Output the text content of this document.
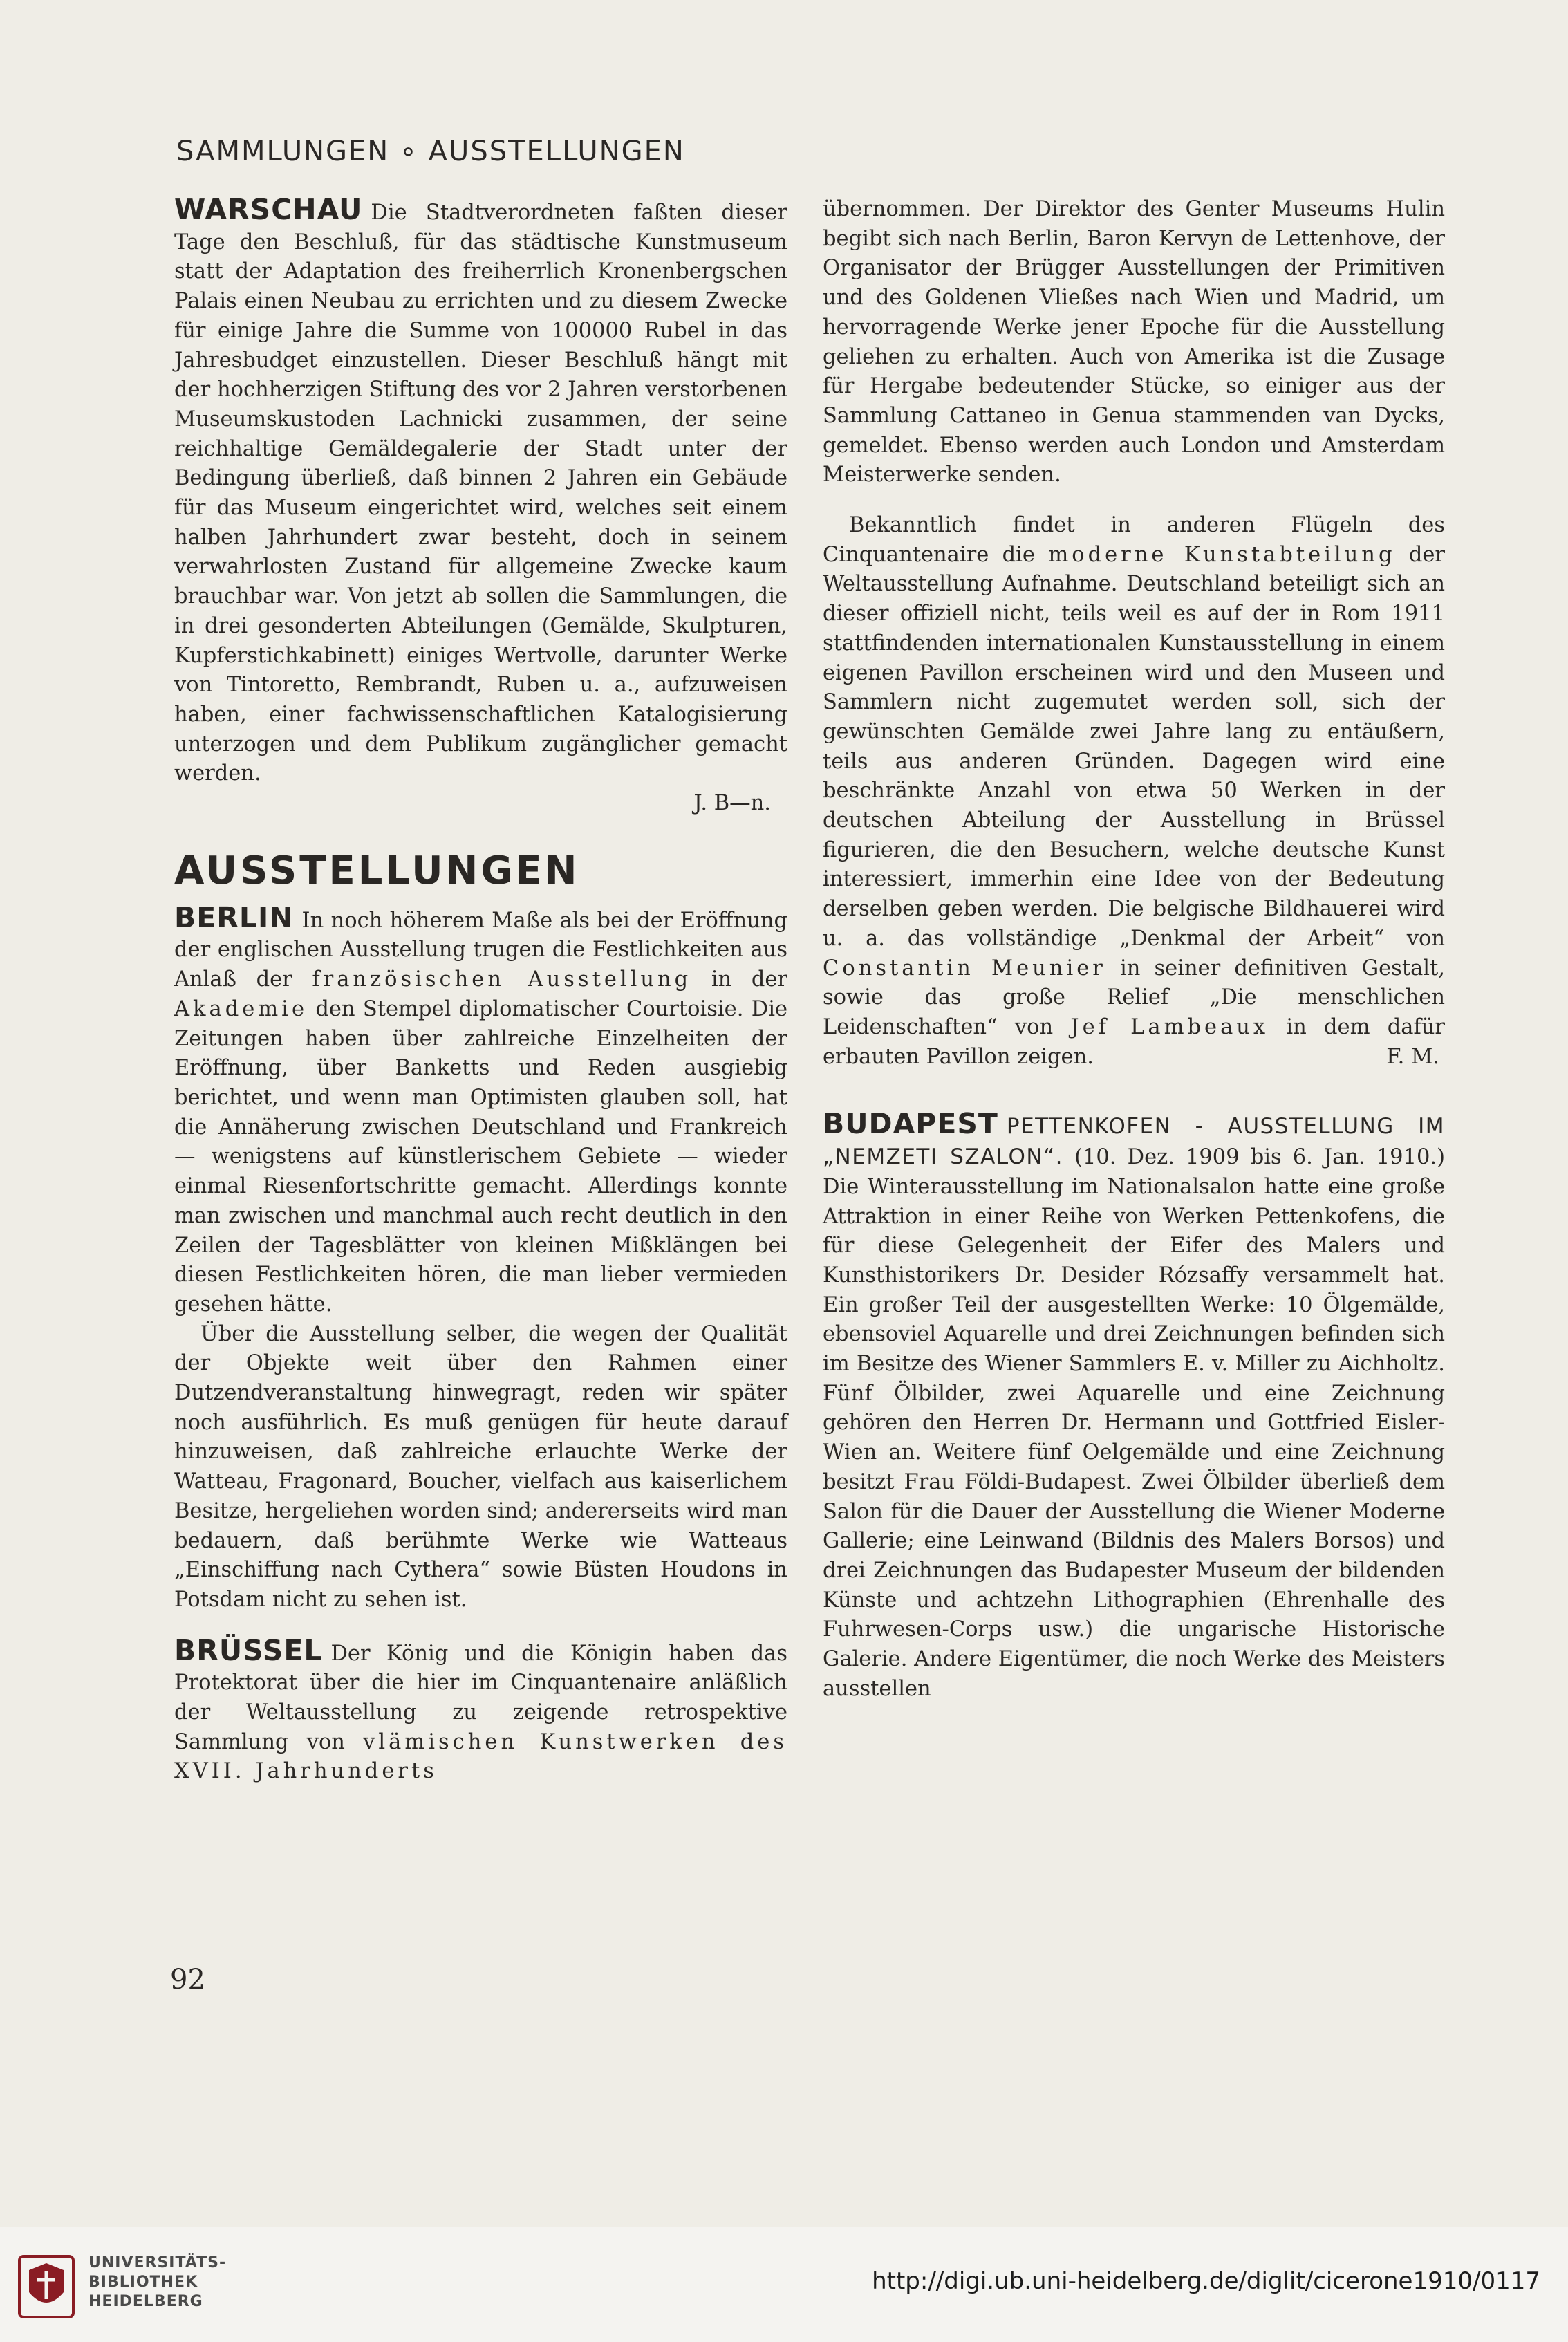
SAMMLUNGEN ∘ AUSSTELLUNGEN

WARSCHAU Die Stadtverordneten faßten dieser Tage den Beschluß, für das städtische Kunstmuseum statt der Adaptation des freiherrlich Kronenbergschen Palais einen Neubau zu errichten und zu diesem Zwecke für einige Jahre die Summe von 100000 Rubel in das Jahresbudget einzustellen. Dieser Beschluß hängt mit der hochherzigen Stiftung des vor 2 Jahren verstorbenen Museumskustoden Lachnicki zusammen, der seine reichhaltige Gemäldegalerie der Stadt unter der Bedingung überließ, daß binnen 2 Jahren ein Gebäude für das Museum eingerichtet wird, welches seit einem halben Jahrhundert zwar besteht, doch in seinem verwahrlosten Zustand für allgemeine Zwecke kaum brauchbar war. Von jetzt ab sollen die Sammlungen, die in drei gesonderten Abteilungen (Gemälde, Skulpturen, Kupferstichkabinett) einiges Wertvolle, darunter Werke von Tintoretto, Rembrandt, Ruben u. a., aufzuweisen haben, einer fachwissenschaftlichen Katalogisierung unterzogen und dem Publikum zugänglicher gemacht werden.

J. B—n.

AUSSTELLUNGEN

BERLIN In noch höherem Maße als bei der Eröffnung der englischen Ausstellung trugen die Festlichkeiten aus Anlaß der französischen Ausstellung in der Akademie den Stempel diplomatischer Courtoisie. Die Zeitungen haben über zahlreiche Einzelheiten der Eröffnung, über Banketts und Reden ausgiebig berichtet, und wenn man Optimisten glauben soll, hat die Annäherung zwischen Deutschland und Frankreich — wenigstens auf künstlerischem Gebiete — wieder einmal Riesenfortschritte gemacht. Allerdings konnte man zwischen und manchmal auch recht deutlich in den Zeilen der Tagesblätter von kleinen Mißklängen bei diesen Festlichkeiten hören, die man lieber vermieden gesehen hätte.

Über die Ausstellung selber, die wegen der Qualität der Objekte weit über den Rahmen einer Dutzendveranstaltung hinwegragt, reden wir später noch ausführlich. Es muß genügen für heute darauf hinzuweisen, daß zahlreiche erlauchte Werke der Watteau, Fragonard, Boucher, vielfach aus kaiserlichem Besitze, hergeliehen worden sind; andererseits wird man bedauern, daß berühmte Werke wie Watteaus „Einschiffung nach Cythera“ sowie Büsten Houdons in Potsdam nicht zu sehen ist.

BRÜSSEL Der König und die Königin haben das Protektorat über die hier im Cinquantenaire anläßlich der Weltausstellung zu zeigende retrospektive Sammlung von vlämischen Kunstwerken des XVII. Jahrhunderts

übernommen. Der Direktor des Genter Museums Hulin begibt sich nach Berlin, Baron Kervyn de Lettenhove, der Organisator der Brügger Ausstellungen der Primitiven und des Goldenen Vließes nach Wien und Madrid, um hervorragende Werke jener Epoche für die Ausstellung geliehen zu erhalten. Auch von Amerika ist die Zusage für Hergabe bedeutender Stücke, so einiger aus der Sammlung Cattaneo in Genua stammenden van Dycks, gemeldet. Ebenso werden auch London und Amsterdam Meisterwerke senden.

Bekanntlich findet in anderen Flügeln des Cinquantenaire die moderne Kunstabteilung der Weltausstellung Aufnahme. Deutschland beteiligt sich an dieser offiziell nicht, teils weil es auf der in Rom 1911 stattfindenden internationalen Kunstausstellung in einem eigenen Pavillon erscheinen wird und den Museen und Sammlern nicht zugemutet werden soll, sich der gewünschten Gemälde zwei Jahre lang zu entäußern, teils aus anderen Gründen. Dagegen wird eine beschränkte Anzahl von etwa 50 Werken in der deutschen Abteilung der Ausstellung in Brüssel figurieren, die den Besuchern, welche deutsche Kunst interessiert, immerhin eine Idee von der Bedeutung derselben geben werden. Die belgische Bildhauerei wird u. a. das vollständige „Denkmal der Arbeit“ von Constantin Meunier in seiner definitiven Gestalt, sowie das große Relief „Die menschlichen Leidenschaften“ von Jef Lambeaux in dem dafür erbauten Pavillon zeigen.	F. M.

BUDAPEST PETTENKOFEN - AUSSTELLUNG IM „NEMZETI SZALON“. (10. Dez. 1909 bis 6. Jan. 1910.) Die Winterausstellung im Nationalsalon hatte eine große Attraktion in einer Reihe von Werken Pettenkofens, die für diese Gelegenheit der Eifer des Malers und Kunsthistorikers Dr. Desider Rózsaffy versammelt hat. Ein großer Teil der ausgestellten Werke: 10 Ölgemälde, ebensoviel Aquarelle und drei Zeichnungen befinden sich im Besitze des Wiener Sammlers E. v. Miller zu Aichholtz. Fünf Ölbilder, zwei Aquarelle und eine Zeichnung gehören den Herren Dr. Hermann und Gottfried Eisler-Wien an. Weitere fünf Oelgemälde und eine Zeichnung besitzt Frau Földi-Budapest. Zwei Ölbilder überließ dem Salon für die Dauer der Ausstellung die Wiener Moderne Gallerie; eine Leinwand (Bildnis des Malers Borsos) und drei Zeichnungen das Budapester Museum der bildenden Künste und achtzehn Lithographien (Ehrenhalle des Fuhrwesen-Corps usw.) die ungarische Historische Galerie. Andere Eigentümer, die noch Werke des Meisters ausstellen

92
UNIVERSITÄTS-
BIBLIOTHEK
HEIDELBERG
http://digi.ub.uni-heidelberg.de/diglit/cicerone1910/0117
